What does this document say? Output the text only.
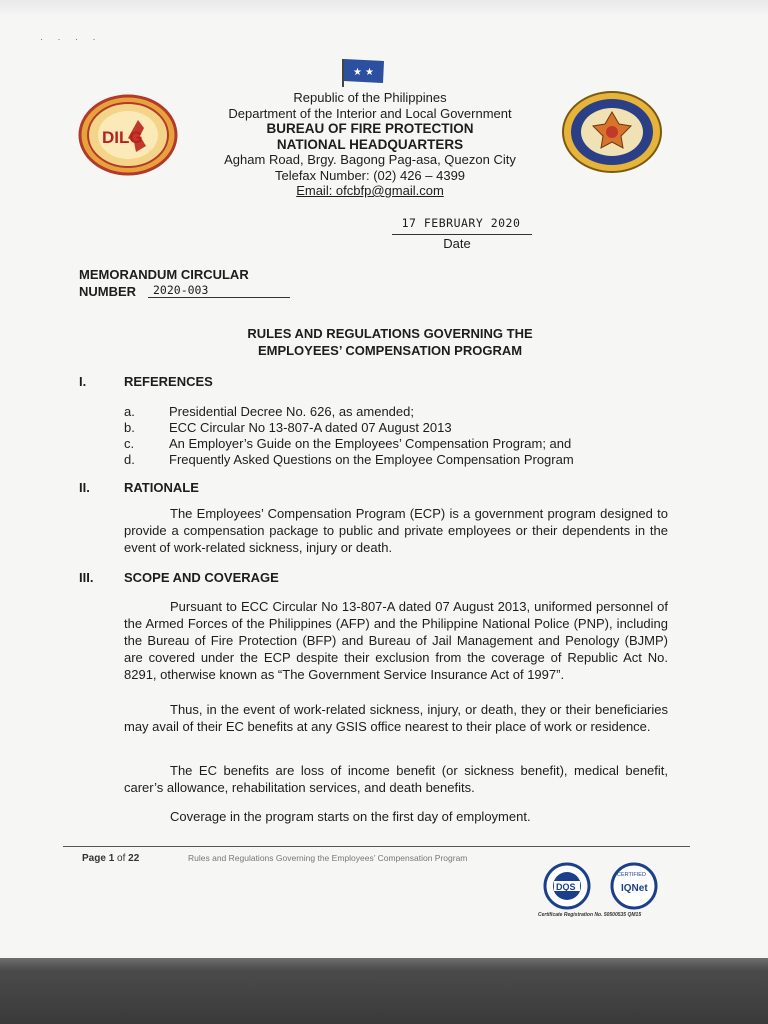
· · · ·
★ ★
DILG
Republic of the Philippines
Department of the Interior and Local Government
BUREAU OF FIRE PROTECTION
NATIONAL HEADQUARTERS
Agham Road, Brgy. Bagong Pag-asa, Quezon City
Telefax Number: (02) 426 – 4399
Email: ofcbfp@gmail.com
17 FEBRUARY 2020
Date
MEMORANDUM CIRCULAR
NUMBER	2020-003
RULES AND REGULATIONS GOVERNING THE
EMPLOYEES’ COMPENSATION PROGRAM
I.	REFERENCES
a.	Presidential Decree No. 626, as amended;
b.	ECC Circular No 13-807-A dated 07 August 2013
c.	An Employer’s Guide on the Employees’ Compensation Program; and
d.	Frequently Asked Questions on the Employee Compensation Program
II.	RATIONALE
The Employees’ Compensation Program (ECP) is a government program designed to provide a compensation package to public and private employees or their dependents in the event of work-related sickness, injury or death.
III. SCOPE AND COVERAGE
Pursuant to ECC Circular No 13-807-A dated 07 August 2013, uniformed personnel of the Armed Forces of the Philippines (AFP) and the Philippine National Police (PNP), including the Bureau of Fire Protection (BFP) and Bureau of Jail Management and Penology (BJMP) are covered under the ECP despite their exclusion from the coverage of Republic Act No. 8291, otherwise known as “The Government Service Insurance Act of 1997”.
Thus, in the event of work-related sickness, injury, or death, they or their beneficiaries may avail of their EC benefits at any GSIS office nearest to their place of work or residence.
The EC benefits are loss of income benefit (or sickness benefit), medical benefit, carer’s allowance, rehabilitation services, and death benefits.
Coverage in the program starts on the first day of employment.
Page 1 of 22	Rules and Regulations Governing the Employees’ Compensation Program
DQS
CERTIFIED
IQNet
Certificate Registration No. 50500535 QM15
